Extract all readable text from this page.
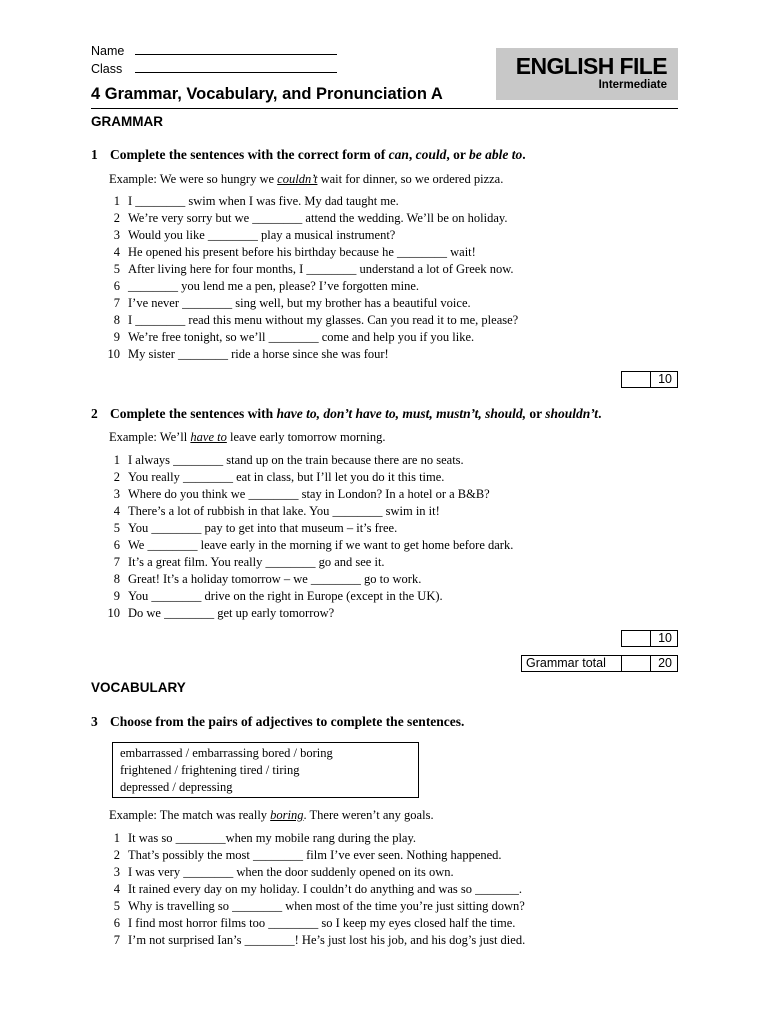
Name
Class	ENGLISH FILE
Intermediate
4 Grammar, Vocabulary, and Pronunciation A
GRAMMAR
1 Complete the sentences with the correct form of can, could, or be able to.
Example: We were so hungry we couldn’t wait for dinner, so we ordered pizza.
1 I ________ swim when I was five. My dad taught me.
2 We’re very sorry but we ________ attend the wedding. We’ll be on holiday.
3 Would you like ________ play a musical instrument?
4 He opened his present before his birthday because he ________ wait!
5 After living here for four months, I ________ understand a lot of Greek now.
6 ________ you lend me a pen, please? I’ve forgotten mine.
7 I’ve never ________ sing well, but my brother has a beautiful voice.
8 I ________ read this menu without my glasses. Can you read it to me, please?
9 We’re free tonight, so we’ll ________ come and help you if you like.
10 My sister ________ ride a horse since she was four!
10
2 Complete the sentences with have to, don’t have to, must, mustn’t, should, or shouldn’t.
Example: We’ll have to leave early tomorrow morning.
1 I always ________ stand up on the train because there are no seats.
2 You really ________ eat in class, but I’ll let you do it this time.
3 Where do you think we ________ stay in London? In a hotel or a B&B?
4 There’s a lot of rubbish in that lake. You ________ swim in it!
5 You ________ pay to get into that museum – it’s free.
6 We ________ leave early in the morning if we want to get home before dark.
7 It’s a great film. You really ________ go and see it.
8 Great! It’s a holiday tomorrow – we ________ go to work.
9 You ________ drive on the right in Europe (except in the UK).
10 Do we ________ get up early tomorrow?
10
Grammar total	20
VOCABULARY
3 Choose from the pairs of adjectives to complete the sentences.
embarrassed / embarrassing bored / boring
frightened / frightening tired / tiring
depressed / depressing
Example: The match was really boring. There weren’t any goals.
1 It was so ________when my mobile rang during the play.
2 That’s possibly the most ________ film I’ve ever seen. Nothing happened.
3 I was very ________ when the door suddenly opened on its own.
4 It rained every day on my holiday. I couldn’t do anything and was so _______.
5 Why is travelling so ________ when most of the time you’re just sitting down?
6 I find most horror films too ________ so I keep my eyes closed half the time.
7 I’m not surprised Ian’s ________! He’s just lost his job, and his dog’s just died.
